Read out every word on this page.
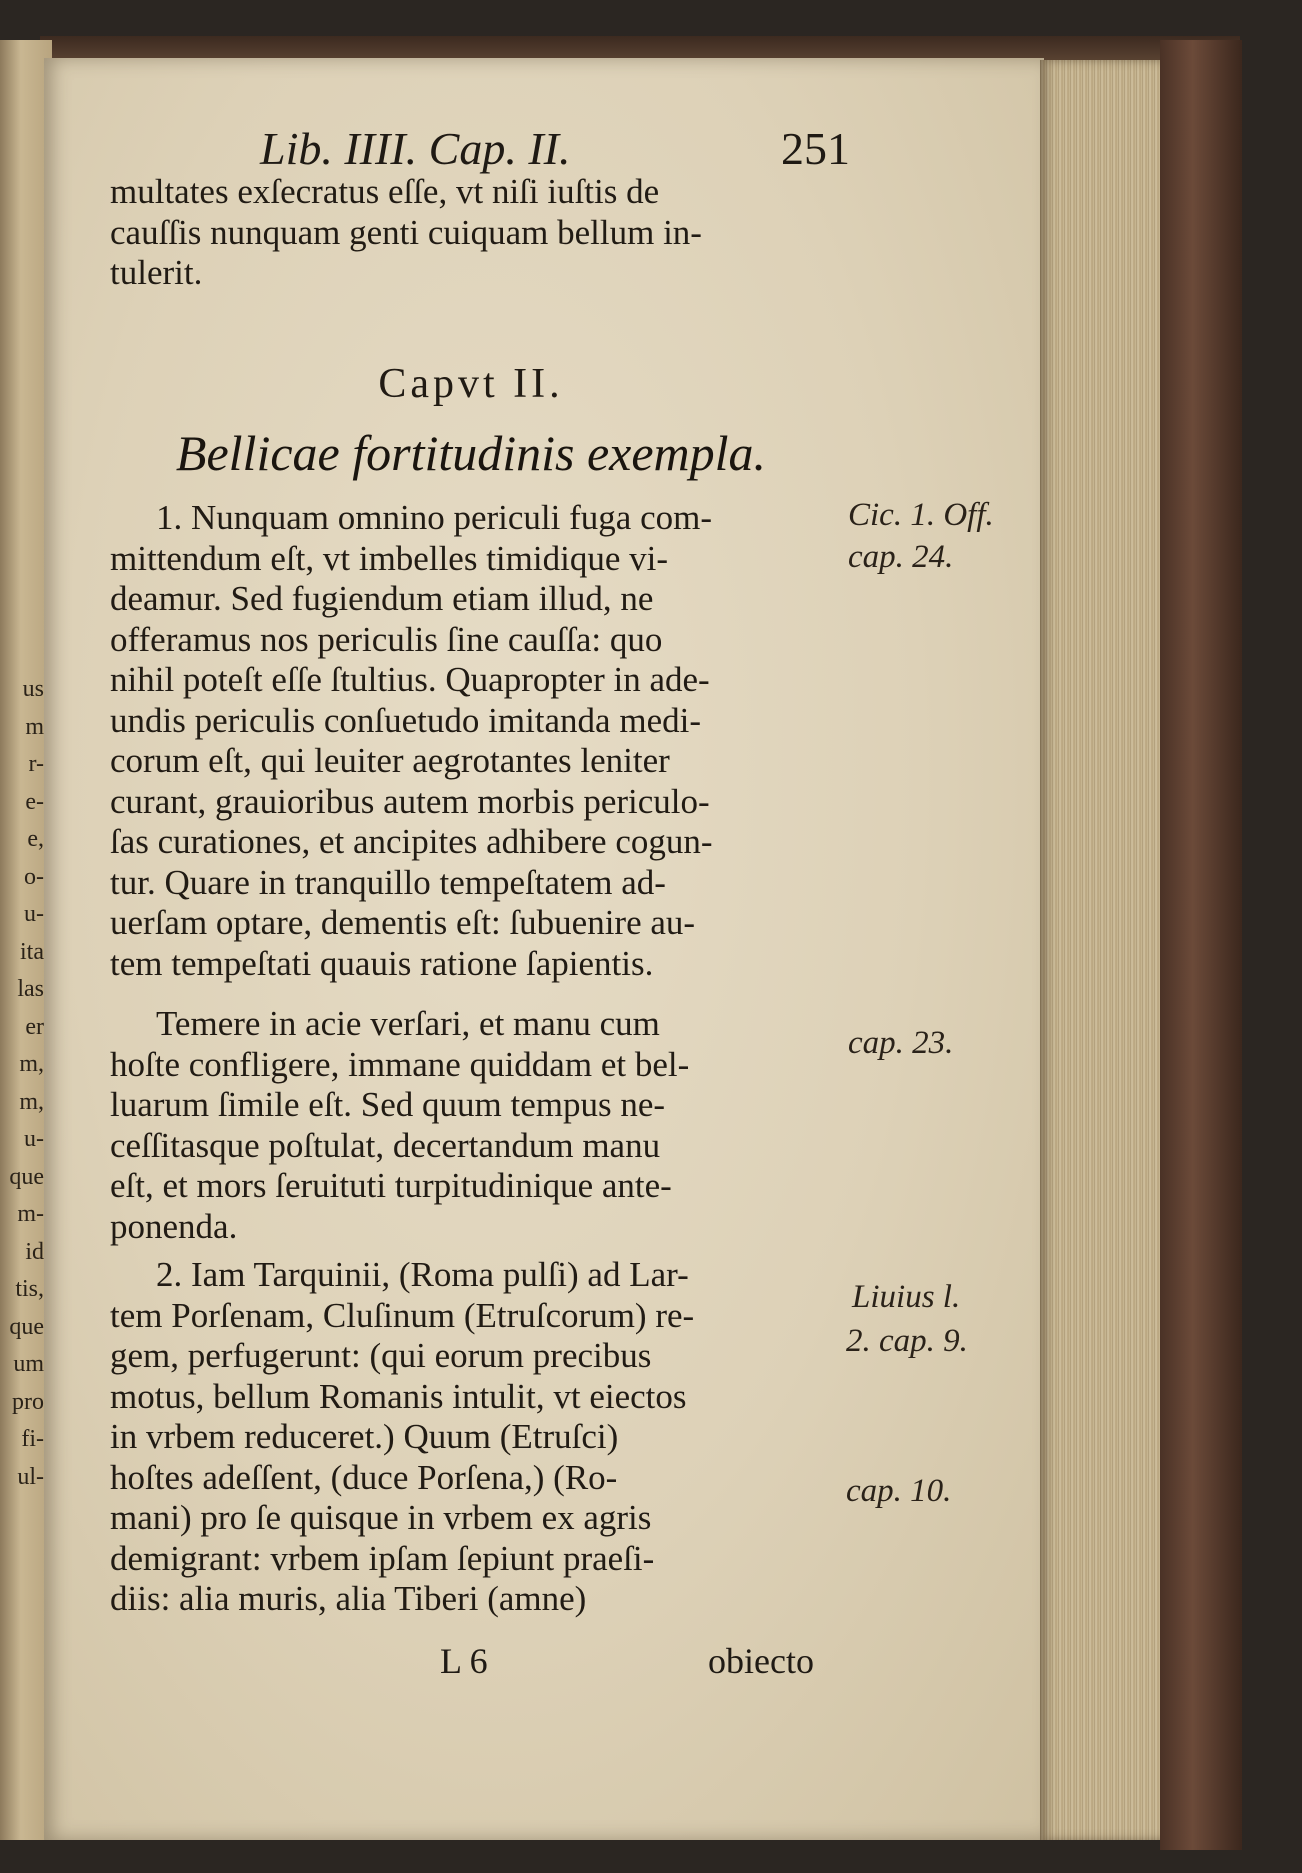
us
m
r-
e-
e,
o-
u-
ita
las
er
m,
m,
u-
que
m-
id
tis,
que
um
pro
fi-
ul-
Lib. IIII. Cap. II.	251
multates exſecratus eſſe, vt niſi iuſtis de
cauſſis nunquam genti cuiquam bellum in-
tulerit.
Capvt II.
Bellicae fortitudinis exempla.
1. Nunquam omnino periculi fuga com-
mittendum eſt, vt imbelles timidique vi-
deamur. Sed fugiendum etiam illud, ne
offeramus nos periculis ſine cauſſa: quo
nihil poteſt eſſe ſtultius. Quapropter in ade-
undis periculis conſuetudo imitanda medi-
corum eſt, qui leuiter aegrotantes leniter
curant, grauioribus autem morbis periculo-
ſas curationes, et ancipites adhibere cogun-
tur. Quare in tranquillo tempeſtatem ad-
uerſam optare, dementis eſt: ſubuenire au-
tem tempeſtati quauis ratione ſapientis.
Temere in acie verſari, et manu cum
hoſte confligere, immane quiddam et bel-
luarum ſimile eſt. Sed quum tempus ne-
ceſſitasque poſtulat, decertandum manu
eſt, et mors ſeruituti turpitudinique ante-
ponenda.
2. Iam Tarquinii, (Roma pulſi) ad Lar-
tem Porſenam, Cluſinum (Etruſcorum) re-
gem, perfugerunt: (qui eorum precibus
motus, bellum Romanis intulit, vt eiectos
in vrbem reduceret.) Quum (Etruſci)
hoſtes adeſſent, (duce Porſena,) (Ro-
mani) pro ſe quisque in vrbem ex agris
demigrant: vrbem ipſam ſepiunt praeſi-
diis: alia muris, alia Tiberi (amne)
L 6	obiecto
Cic. 1. Off.
cap. 24.
cap. 23.
Liuius l.
2. cap. 9.
cap. 10.
